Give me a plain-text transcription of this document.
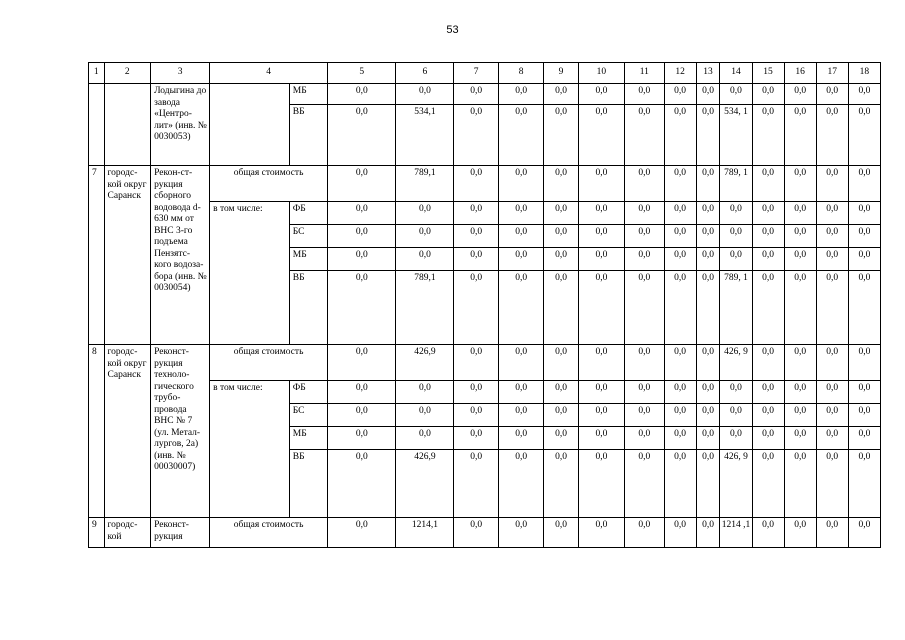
53
1	2	3	4		5	6	7	8	9	10	11	12	13	14	15	16	17	18
		Лодыгина до завода «Центро-лит» (инв. № 0030053)		МБ	0,0	0,0	0,0	0,0	0,0	0,0	0,0	0,0	0,0	0,0	0,0	0,0	0,0	0,0
				ВБ	0,0	534,1	0,0	0,0	0,0	0,0	0,0	0,0	0,0	534, 1	0,0	0,0	0,0	0,0
7	городс-кой округ Саранск	Рекон-ст-рукция сборного водовода d-630 мм от ВНС 3-го подъема Пензятс-кого водоза-бора (инв. № 0030054)	общая стоимость		0,0	789,1	0,0	0,0	0,0	0,0	0,0	0,0	0,0	789, 1	0,0	0,0	0,0	0,0
			в том числе:	ФБ	0,0	0,0	0,0	0,0	0,0	0,0	0,0	0,0	0,0	0,0	0,0	0,0	0,0	0,0
				БС	0,0	0,0	0,0	0,0	0,0	0,0	0,0	0,0	0,0	0,0	0,0	0,0	0,0	0,0
				МБ	0,0	0,0	0,0	0,0	0,0	0,0	0,0	0,0	0,0	0,0	0,0	0,0	0,0	0,0
				ВБ	0,0	789,1	0,0	0,0	0,0	0,0	0,0	0,0	0,0	789, 1	0,0	0,0	0,0	0,0
8	городс-кой округ Саранск	Реконст-рукция техноло-гического трубо-провода ВНС № 7 (ул. Метал-лургов, 2а) (инв. № 00030007)	общая стоимость		0,0	426,9	0,0	0,0	0,0	0,0	0,0	0,0	0,0	426, 9	0,0	0,0	0,0	0,0
			в том числе:	ФБ	0,0	0,0	0,0	0,0	0,0	0,0	0,0	0,0	0,0	0,0	0,0	0,0	0,0	0,0
				БС	0,0	0,0	0,0	0,0	0,0	0,0	0,0	0,0	0,0	0,0	0,0	0,0	0,0	0,0
				МБ	0,0	0,0	0,0	0,0	0,0	0,0	0,0	0,0	0,0	0,0	0,0	0,0	0,0	0,0
				ВБ	0,0	426,9	0,0	0,0	0,0	0,0	0,0	0,0	0,0	426, 9	0,0	0,0	0,0	0,0
9	городс-кой	Реконст-рукция	общая стоимость		0,0	1214,1	0,0	0,0	0,0	0,0	0,0	0,0	0,0	1214 ,1	0,0	0,0	0,0	0,0
